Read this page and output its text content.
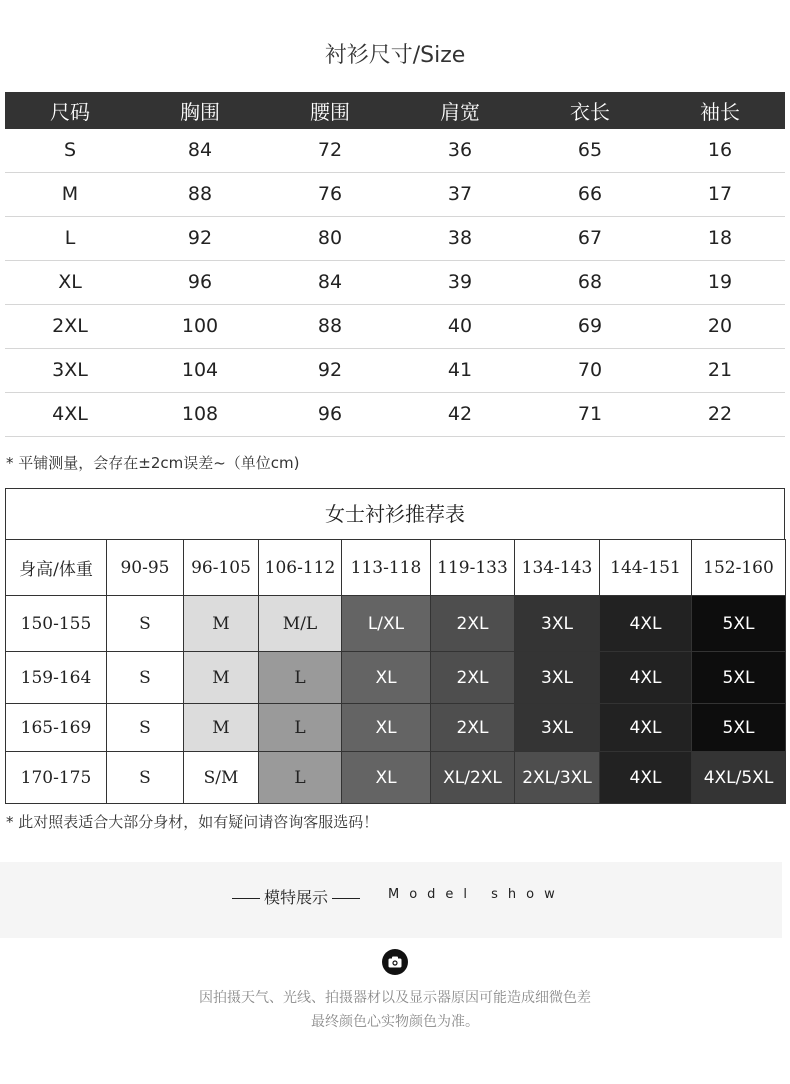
衬衫尺寸/Size
尺码	胸围	腰围	肩宽	衣长	袖长
S	84	72	36	65	16
M	88	76	37	66	17
L	92	80	38	67	18
XL	96	84	39	68	19
2XL	100	88	40	69	20
3XL	104	92	41	70	21
4XL	108	96	42	71	22
* 平铺测量，会存在±2cm误差~（单位cm)
女士衬衫推荐表
身高/体重	90-95	96-105	106-112	113-118	119-133	134-143	144-151	152-160
150-155	S	M	M/L	L/XL	2XL	3XL	4XL	5XL
159-164	S	M	L	XL	2XL	3XL	4XL	5XL
165-169	S	M	L	XL	2XL	3XL	4XL	5XL
170-175	S	S/M	L	XL	XL/2XL	2XL/3XL	4XL	4XL/5XL
* 此对照表适合大部分身材，如有疑问请咨询客服选码！
模特展示	Model show
因拍摄天气、光线、拍摄器材以及显示器原因可能造成细微色差
最终颜色心实物颜色为准。
